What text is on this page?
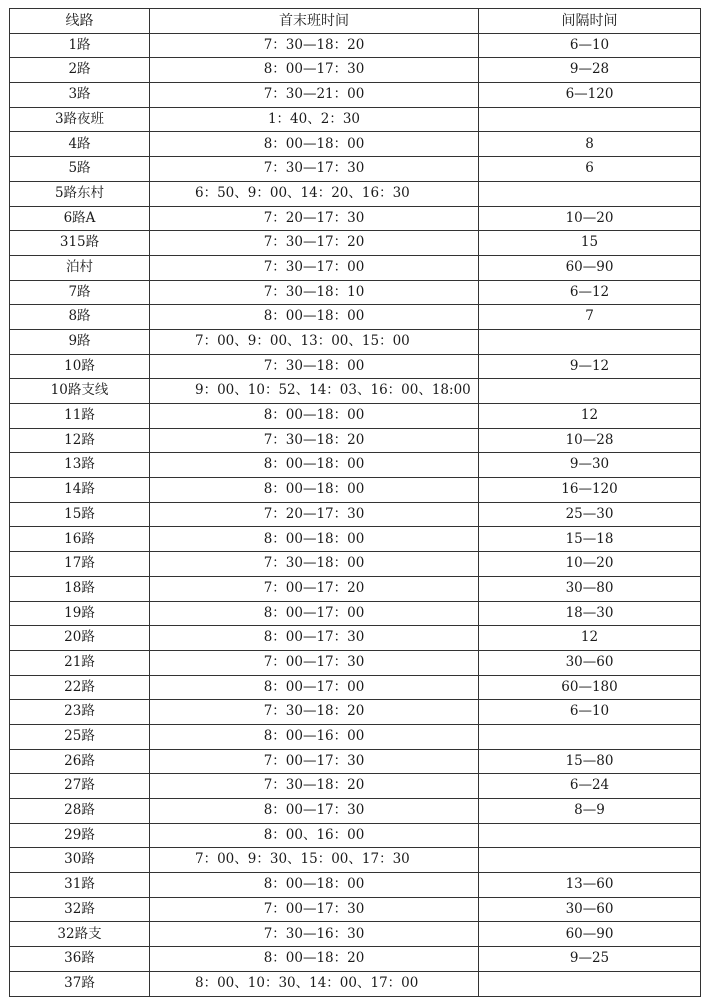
线路	首末班时间	间隔时间
1路	7：30—18：20	6—10
2路	8：00—17：30	9—28
3路	7：30—21：00	6—120
3路夜班	1：40、2：30	
4路	8：00—18：00	8
5路	7：30—17：30	6
5路东村	6：50、9：00、14：20、16：30	
6路A	7：20—17：30	10—20
315路	7：30—17：20	15
泊村	7：30—17：00	60—90
7路	7：30—18：10	6—12
8路	8：00—18：00	7
9路	7：00、9：00、13：00、15：00	
10路	7：30—18：00	9—12
10路支线	9：00、10：52、14：03、16：00、18:00	
11路	8：00—18：00	12
12路	7：30—18：20	10—28
13路	8：00—18：00	9—30
14路	8：00—18：00	16—120
15路	7：20—17：30	25—30
16路	8：00—18：00	15—18
17路	7：30—18：00	10—20
18路	7：00—17：20	30—80
19路	8：00—17：00	18—30
20路	8：00—17：30	12
21路	7：00—17：30	30—60
22路	8：00—17：00	60—180
23路	7：30—18：20	6—10
25路	8：00—16：00	
26路	7：00—17：30	15—80
27路	7：30—18：20	6—24
28路	8：00—17：30	8—9
29路	8：00、16：00	
30路	7：00、9：30、15：00、17：30	
31路	8：00—18：00	13—60
32路	7：00—17：30	30—60
32路支	7：30—16：30	60—90
36路	8：00—18：20	9—25
37路	8：00、10：30、14：00、17：00	
